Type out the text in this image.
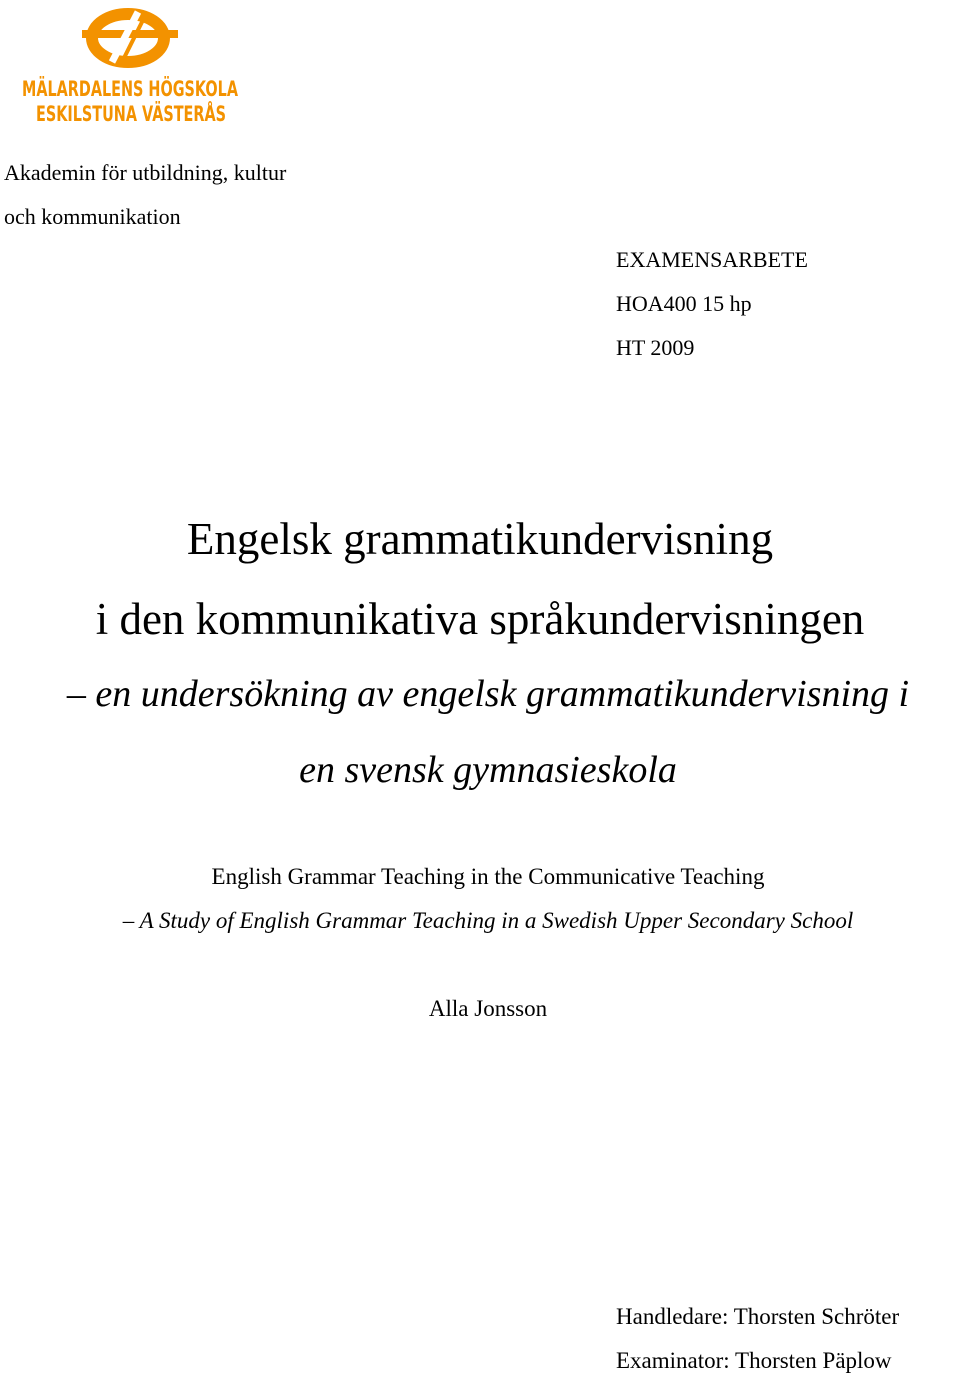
MÄLARDALENS HÖGSKOLA
ESKILSTUNA VÄSTERÅS
Akademin för utbildning, kultur
och kommunikation
EXAMENSARBETE
HOA400 15 hp
HT 2009
Engelsk grammatikundervisning
i den kommunikativa språkundervisningen
– en undersökning av engelsk grammatikundervisning i
en svensk gymnasieskola
English Grammar Teaching in the Communicative Teaching
– A Study of English Grammar Teaching in a Swedish Upper Secondary School
Alla Jonsson
Handledare: Thorsten Schröter
Examinator: Thorsten Päplow
